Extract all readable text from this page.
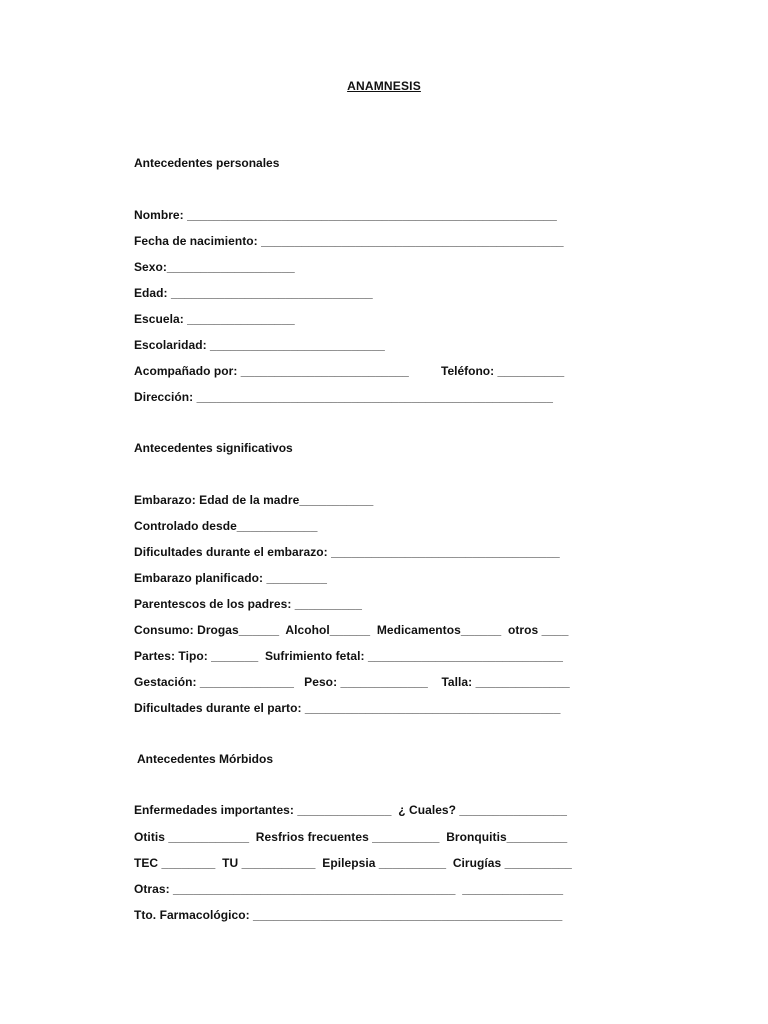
ANAMNESIS
Antecedentes personales
Nombre: _______________________________________________________
Fecha de nacimiento: _____________________________________________
Sexo:___________________
Edad: ______________________________
Escuela: ________________
Escolaridad: __________________________
Acompañado por: _________________________	Teléfono: __________
Dirección: _____________________________________________________
Antecedentes significativos
Embarazo: Edad de la madre___________
Controlado desde____________
Dificultades durante el embarazo: __________________________________
Embarazo planificado: _________
Parentescos de los padres: __________
Consumo: Drogas______  Alcohol______  Medicamentos______  otros ____
Partes: Tipo: _______  Sufrimiento fetal: _____________________________
Gestación: ______________   Peso: _____________    Talla: ______________
Dificultades durante el parto: ______________________________________
Antecedentes Mórbidos
Enfermedades importantes: ______________  ¿ Cuales? ________________
Otitis ____________  Resfrios frecuentes __________  Bronquitis_________
TEC ________  TU ___________  Epilepsia __________  Cirugías __________
Otras: __________________________________________  _______________
Tto. Farmacológico: ______________________________________________
